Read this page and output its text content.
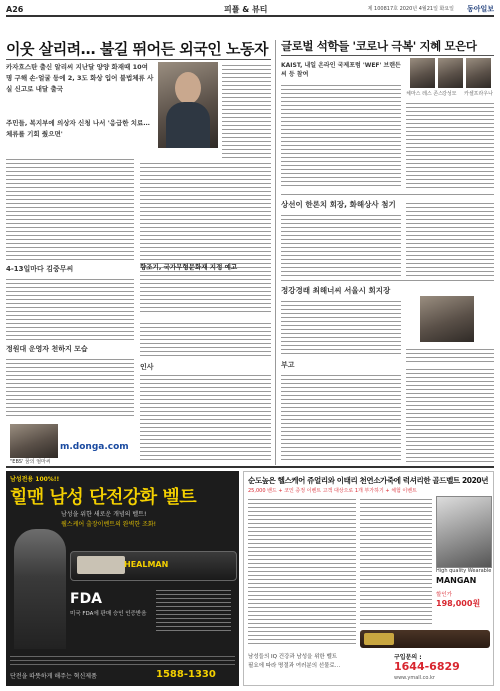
A26	피플 & 뷰티	제 100817호 2020년 4월21일 화요일 동아일보
이웃 살리려… 불길 뛰어든 외국인 노동자
카자흐스탄 출신 알리씨 지난달 양양 화재때 10여명 구해 손·얼굴 등에 2, 3도 화상 입어 불법체류 사실 신고로 내달 출국
주민들, 복지부에 의상자 신청 나서 '응급한 치료… 체류를 기회 줬으면'
4-13일마다 김중무씨
정원대 운영자 천하지 모습
"EBS' 꿈의 엄마씨
m.donga.com
향조기, 국가무형문화재 지정 예고
인사
글로벌 석학들 '코로나 극복' 지혜 모은다
KAIST, 내일 온라인 국제포럼 'WEF' 브랜든씨 등 참여
체마스 레스 존스 강성모 카셀프라우나
상선이 한론치 회장, 화해상사 첨기
정강경래 최해너씨 서울시 회지장
부고
남성전용 100%!!
힐맨 남성 단전강화 벨트
남성을 위한 새로운 개념의 벨트!
웰스케어 출장이벤트의 완벽한 조화!
HEALMAN
FDA
미국 FDA에 판매 승인 인증받음
단전을 따뜻하게 해주는 혁신제품	1588-1330
순도높은 헬스케어 쥬얼리와 이태리 천연소가죽에 럭셔리한 골드벨트 2020년
25,000 밴드 + 코인 증정 이벤트 고객 대상으로 1개 부가하기 + 체험 이벤트
High quality Wearable
MANGAN
할인가
198,000원
남성들의 IQ 건강과 남성을 위한 벨트
필요에 따라 명절과 여러분의 선물로…
구입문의 :
1644-6829
www.ymall.co.kr
